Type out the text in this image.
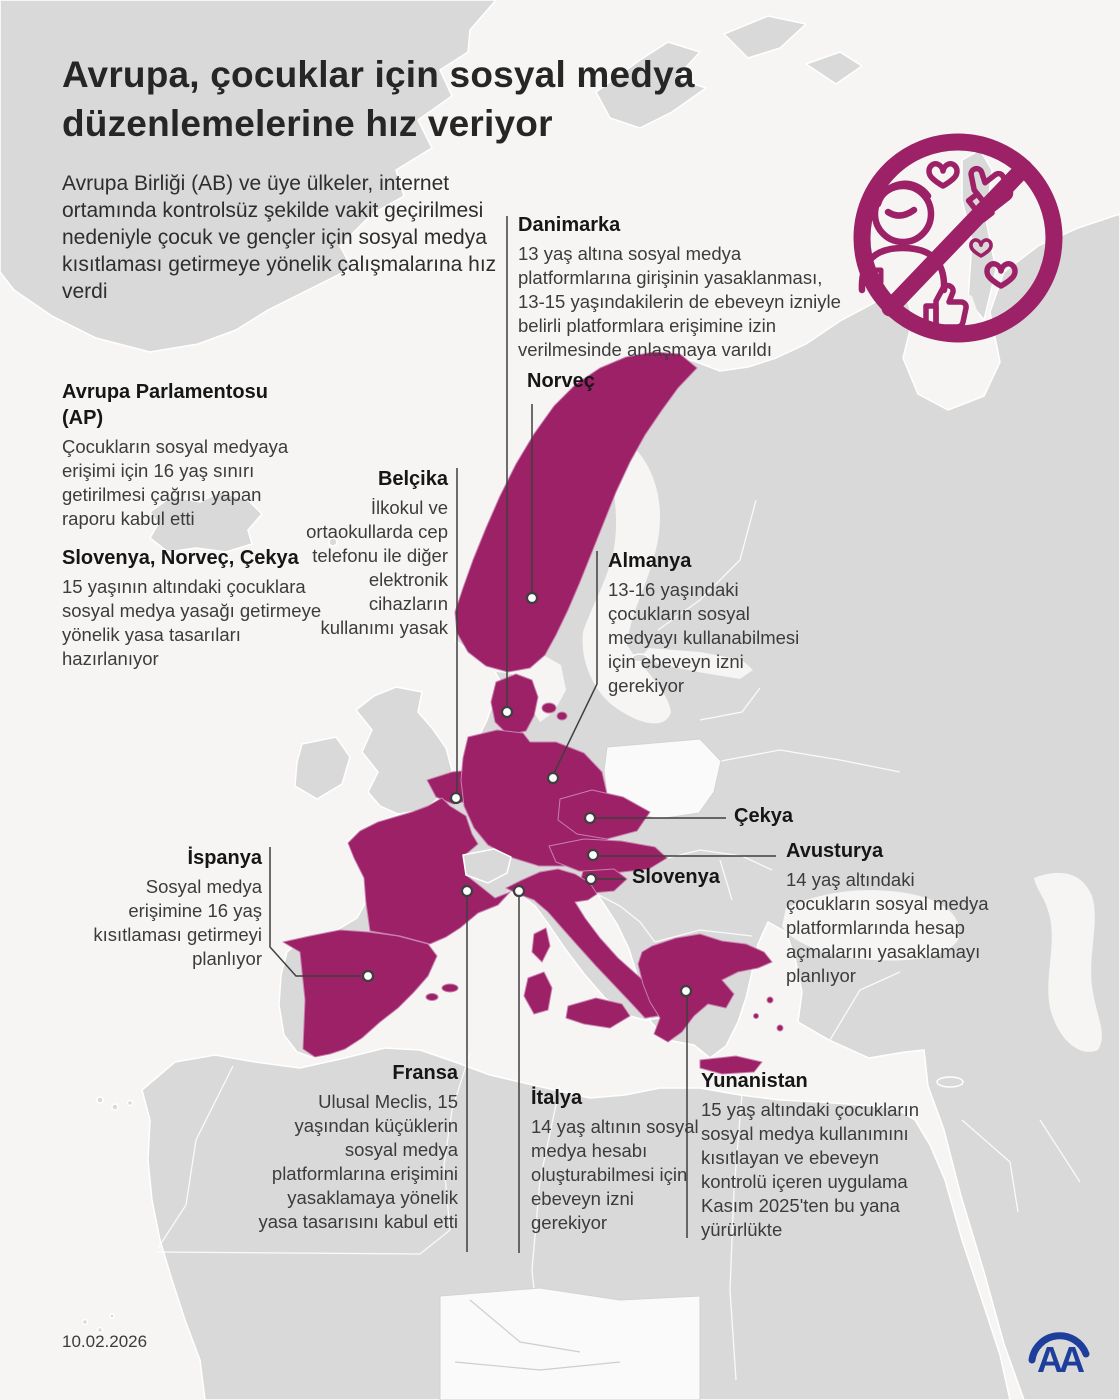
AA
Avrupa, çocuklar için sosyal medya düzenlemelerine hız veriyor

Avrupa Birliği (AB) ve üye ülkeler, internet ortamında kontrolsüz şekilde vakit geçirilmesi nedeniyle çocuk ve gençler için sosyal medya kısıtlaması getirmeye yönelik çalışmalarına hız verdi

Avrupa Parlamentosu (AP)

Çocukların sosyal medyaya erişimi için 16 yaş sınırı getirilmesi çağrısı yapan raporu kabul etti

Slovenya, Norveç, Çekya

15 yaşının altındaki çocuklara sosyal medya yasağı getirmeye yönelik yasa tasarıları hazırlanıyor

Danimarka

13 yaş altına sosyal medya platformlarına girişinin yasaklanması, 13-15 yaşındakilerin de ebeveyn izniyle belirli platformlara erişimine izin verilmesinde anlaşmaya varıldı

Belçika

İlkokul ve ortaokullarda cep telefonu ile diğer elektronik cihazların kullanımı yasak

Almanya

13-16 yaşındaki çocukların sosyal medyayı kullanabilmesi için ebeveyn izni gerekiyor

Avusturya

14 yaş altındaki çocukların sosyal medya platformlarında hesap açmalarını yasaklamayı planlıyor

İspanya

Sosyal medya erişimine 16 yaş kısıtlaması getirmeyi planlıyor

Fransa

Ulusal Meclis, 15 yaşından küçüklerin sosyal medya platformlarına erişimini yasaklamaya yönelik yasa tasarısını kabul etti

İtalya

14 yaş altının sosyal medya hesabı oluşturabilmesi için ebeveyn izni gerekiyor

Yunanistan

15 yaş altındaki çocukların sosyal medya kullanımını kısıtlayan ve ebeveyn kontrolü içeren uygulama Kasım 2025'ten bu yana yürürlükte

Norveç
Çekya
Slovenya
10.02.2026
